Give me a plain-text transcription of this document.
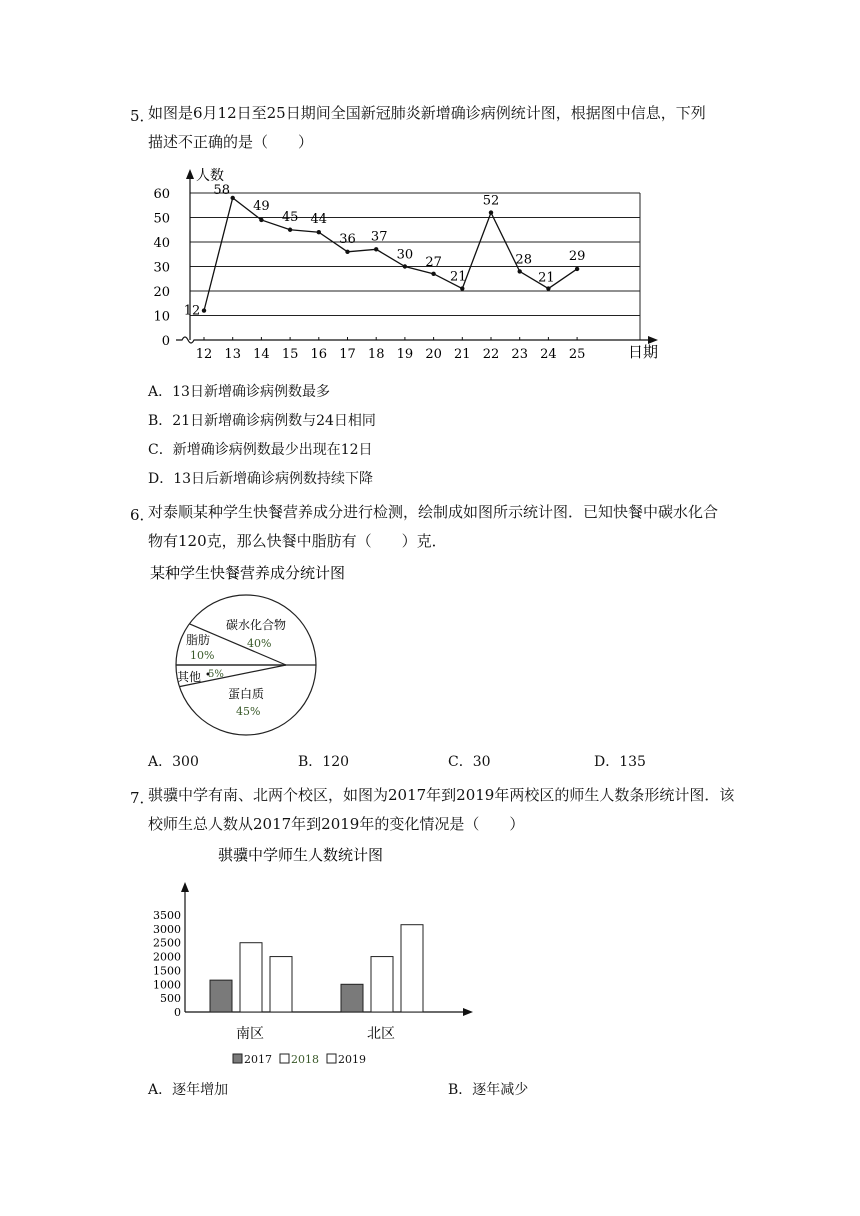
5．
如图是6月12日至25日期间全国新冠肺炎新增确诊病例统计图，根据图中信息，下列
描述不正确的是（　　）
0
10
20
30
40
50
60
12 13 14 15 16 17 18 19 20 21 22 23 24 25
12
58
49
45 44
36 37
30 27
21
52
28
21
29
人数
日期
A．13日新增确诊病例数最多
B．21日新增确诊病例数与24日相同
C．新增确诊病例数最少出现在12日
D．13日后新增确诊病例数持续下降
6．
对泰顺某种学生快餐营养成分进行检测，绘制成如图所示统计图．已知快餐中碳水化合
物有120克，那么快餐中脂肪有（　　）克．
某种学生快餐营养成分统计图
碳水化合物
40%
脂肪
10%
其他 5%
蛋白质
45%
A．300	B．120	C．30	D．135
7．
骐骥中学有南、北两个校区，如图为2017年到2019年两校区的师生人数条形统计图．该
校师生总人数从2017年到2019年的变化情况是（　　）
骐骥中学师生人数统计图
0
500
1000
1500
2000
2500
3000
3500
南区	北区
2017 2018 2019
A．逐年增加	B．逐年减少
